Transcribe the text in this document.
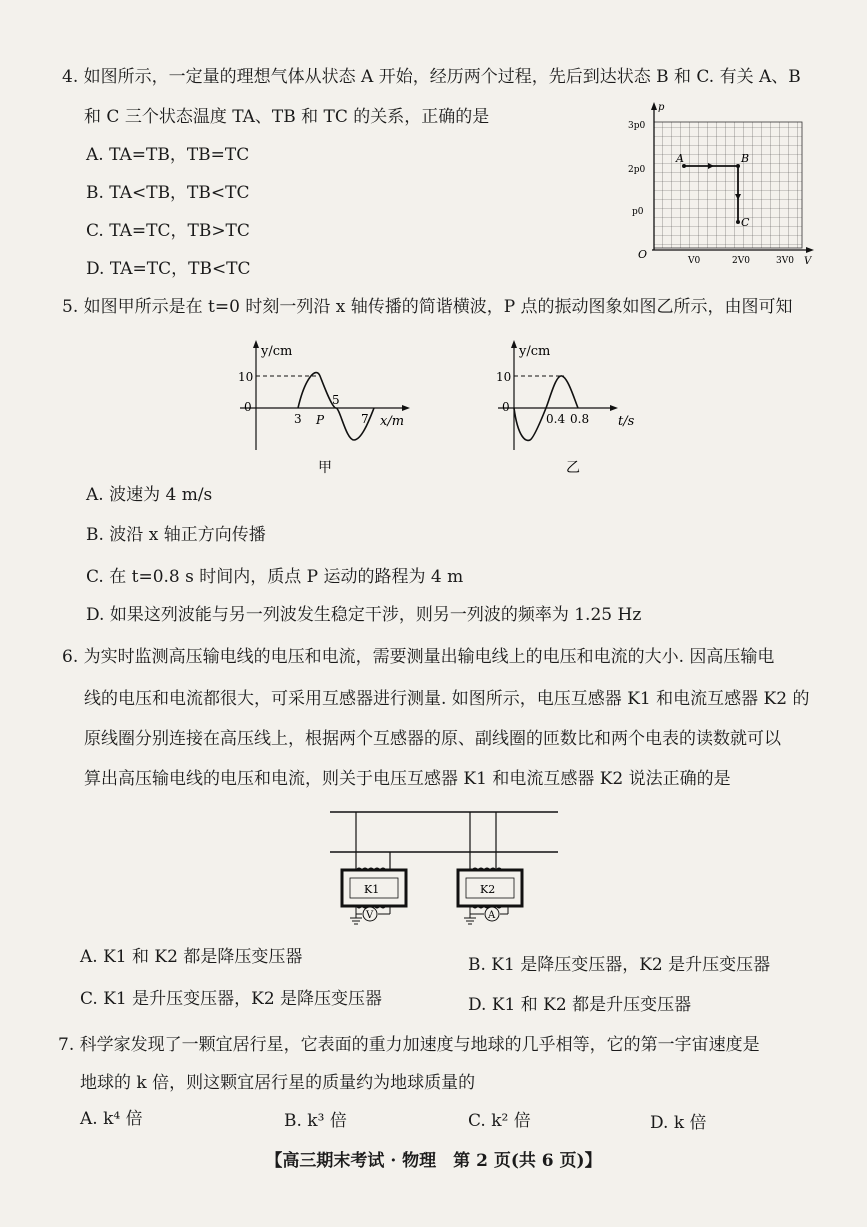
4. 如图所示，一定量的理想气体从状态 A 开始，经历两个过程，先后到达状态 B 和 C. 有关 A、B
和 C 三个状态温度 TA、TB 和 TC 的关系，正确的是
A. TA=TB，TB=TC
B. TA<TB，TB<TC
C. TA=TC，TB>TC
D. TA=TC，TB<TC
p
V
O
3p0
2p0
p0
V0	2V0	3V0
A	B
C
5. 如图甲所示是在 t=0 时刻一列沿 x 轴传播的简谐横波，P 点的振动图象如图乙所示，由图可知
y/cm
x/m
10
0
3 P
5
7
甲
y/cm
t/s
10
0
0.4 0.8
乙
A. 波速为 4 m/s
B. 波沿 x 轴正方向传播
C. 在 t=0.8 s 时间内，质点 P 运动的路程为 4 m
D. 如果这列波能与另一列波发生稳定干涉，则另一列波的频率为 1.25 Hz
6. 为实时监测高压输电线的电压和电流，需要测量出输电线上的电压和电流的大小. 因高压输电
线的电压和电流都很大，可采用互感器进行测量. 如图所示，电压互感器 K1 和电流互感器 K2 的
原线圈分别连接在高压线上，根据两个互感器的原、副线圈的匝数比和两个电表的读数就可以
算出高压输电线的电压和电流，则关于电压互感器 K1 和电流互感器 K2 说法正确的是
K1
V
K2
A
A. K1 和 K2 都是降压变压器	B. K1 是降压变压器，K2 是升压变压器
C. K1 是升压变压器，K2 是降压变压器	D. K1 和 K2 都是升压变压器
7. 科学家发现了一颗宜居行星，它表面的重力加速度与地球的几乎相等，它的第一宇宙速度是
地球的 k 倍，则这颗宜居行星的质量约为地球质量的
A. k⁴ 倍	B. k³ 倍	C. k² 倍	D. k 倍
【高三期末考试 · 物理　第 2 页(共 6 页)】
